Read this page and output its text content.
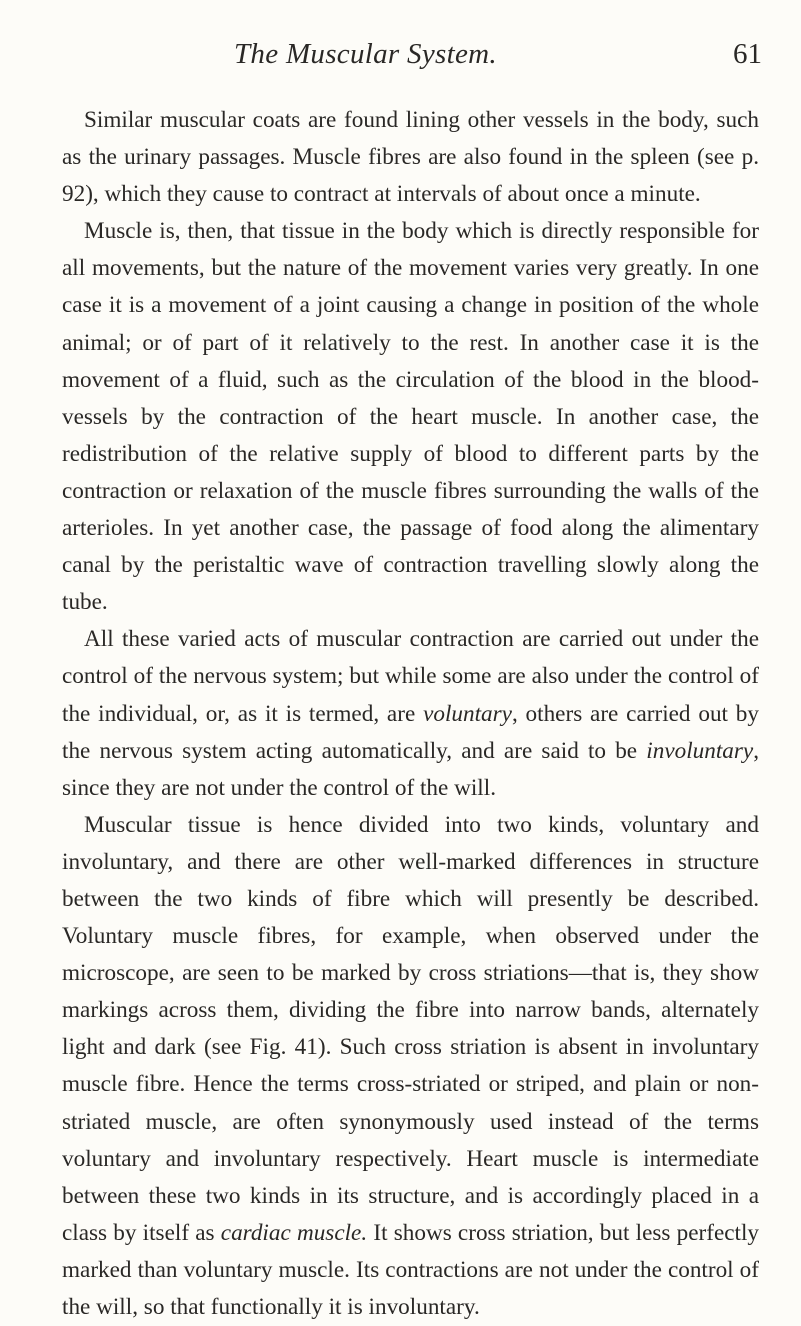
The Muscular System.	61

Similar muscular coats are found lining other vessels in the body, such as the urinary passages. Muscle fibres are also found in the spleen (see p. 92), which they cause to contract at intervals of about once a minute.

Muscle is, then, that tissue in the body which is directly responsible for all movements, but the nature of the movement varies very greatly. In one case it is a movement of a joint causing a change in position of the whole animal; or of part of it relatively to the rest. In another case it is the movement of a fluid, such as the circulation of the blood in the blood-vessels by the contraction of the heart muscle. In another case, the redistribution of the relative supply of blood to different parts by the contraction or relaxation of the muscle fibres surrounding the walls of the arterioles. In yet another case, the passage of food along the alimentary canal by the peristaltic wave of contraction travelling slowly along the tube.

All these varied acts of muscular contraction are carried out under the control of the nervous system; but while some are also under the control of the individual, or, as it is termed, are voluntary, others are carried out by the nervous system acting automatically, and are said to be involuntary, since they are not under the control of the will.

Muscular tissue is hence divided into two kinds, voluntary and involuntary, and there are other well-marked differences in structure between the two kinds of fibre which will presently be described. Voluntary muscle fibres, for example, when observed under the microscope, are seen to be marked by cross striations—that is, they show markings across them, dividing the fibre into narrow bands, alternately light and dark (see Fig. 41). Such cross striation is absent in involuntary muscle fibre. Hence the terms cross-striated or striped, and plain or non-striated muscle, are often synonymously used instead of the terms voluntary and involuntary respectively. Heart muscle is intermediate between these two kinds in its structure, and is accordingly placed in a class by itself as cardiac muscle. It shows cross striation, but less perfectly marked than voluntary muscle. Its contractions are not under the control of the will, so that functionally it is involuntary.
